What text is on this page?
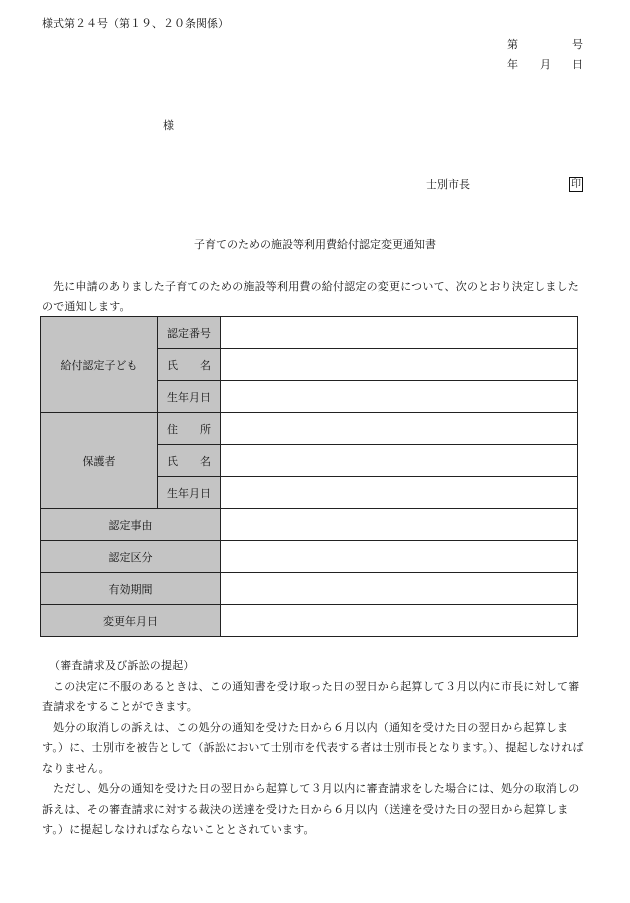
様式第２４号（第１９、２０条関係）
第	号
年 月 日
様
士別市長	印
子育てのための施設等利用費給付認定変更通知書
先に申請のありました子育てのための施設等利用費の給付認定の変更について、次のとおり決定しましたので通知します。
給付認定子ども	認定番号	
	氏　　名	
	生年月日	
保護者	住　　所	
	氏　　名	
	生年月日	
認定事由		
認定区分		
有効期間		
変更年月日		

（審査請求及び訴訟の提起）

この決定に不服のあるときは、この通知書を受け取った日の翌日から起算して３月以内に市長に対して審査請求をすることができます。

処分の取消しの訴えは、この処分の通知を受けた日から６月以内（通知を受けた日の翌日から起算します。）に、士別市を被告として（訴訟において士別市を代表する者は士別市長となります。）、提起しなければなりません。

ただし、処分の通知を受けた日の翌日から起算して３月以内に審査請求をした場合には、処分の取消しの訴えは、その審査請求に対する裁決の送達を受けた日から６月以内（送達を受けた日の翌日から起算します。）に提起しなければならないこととされています。
